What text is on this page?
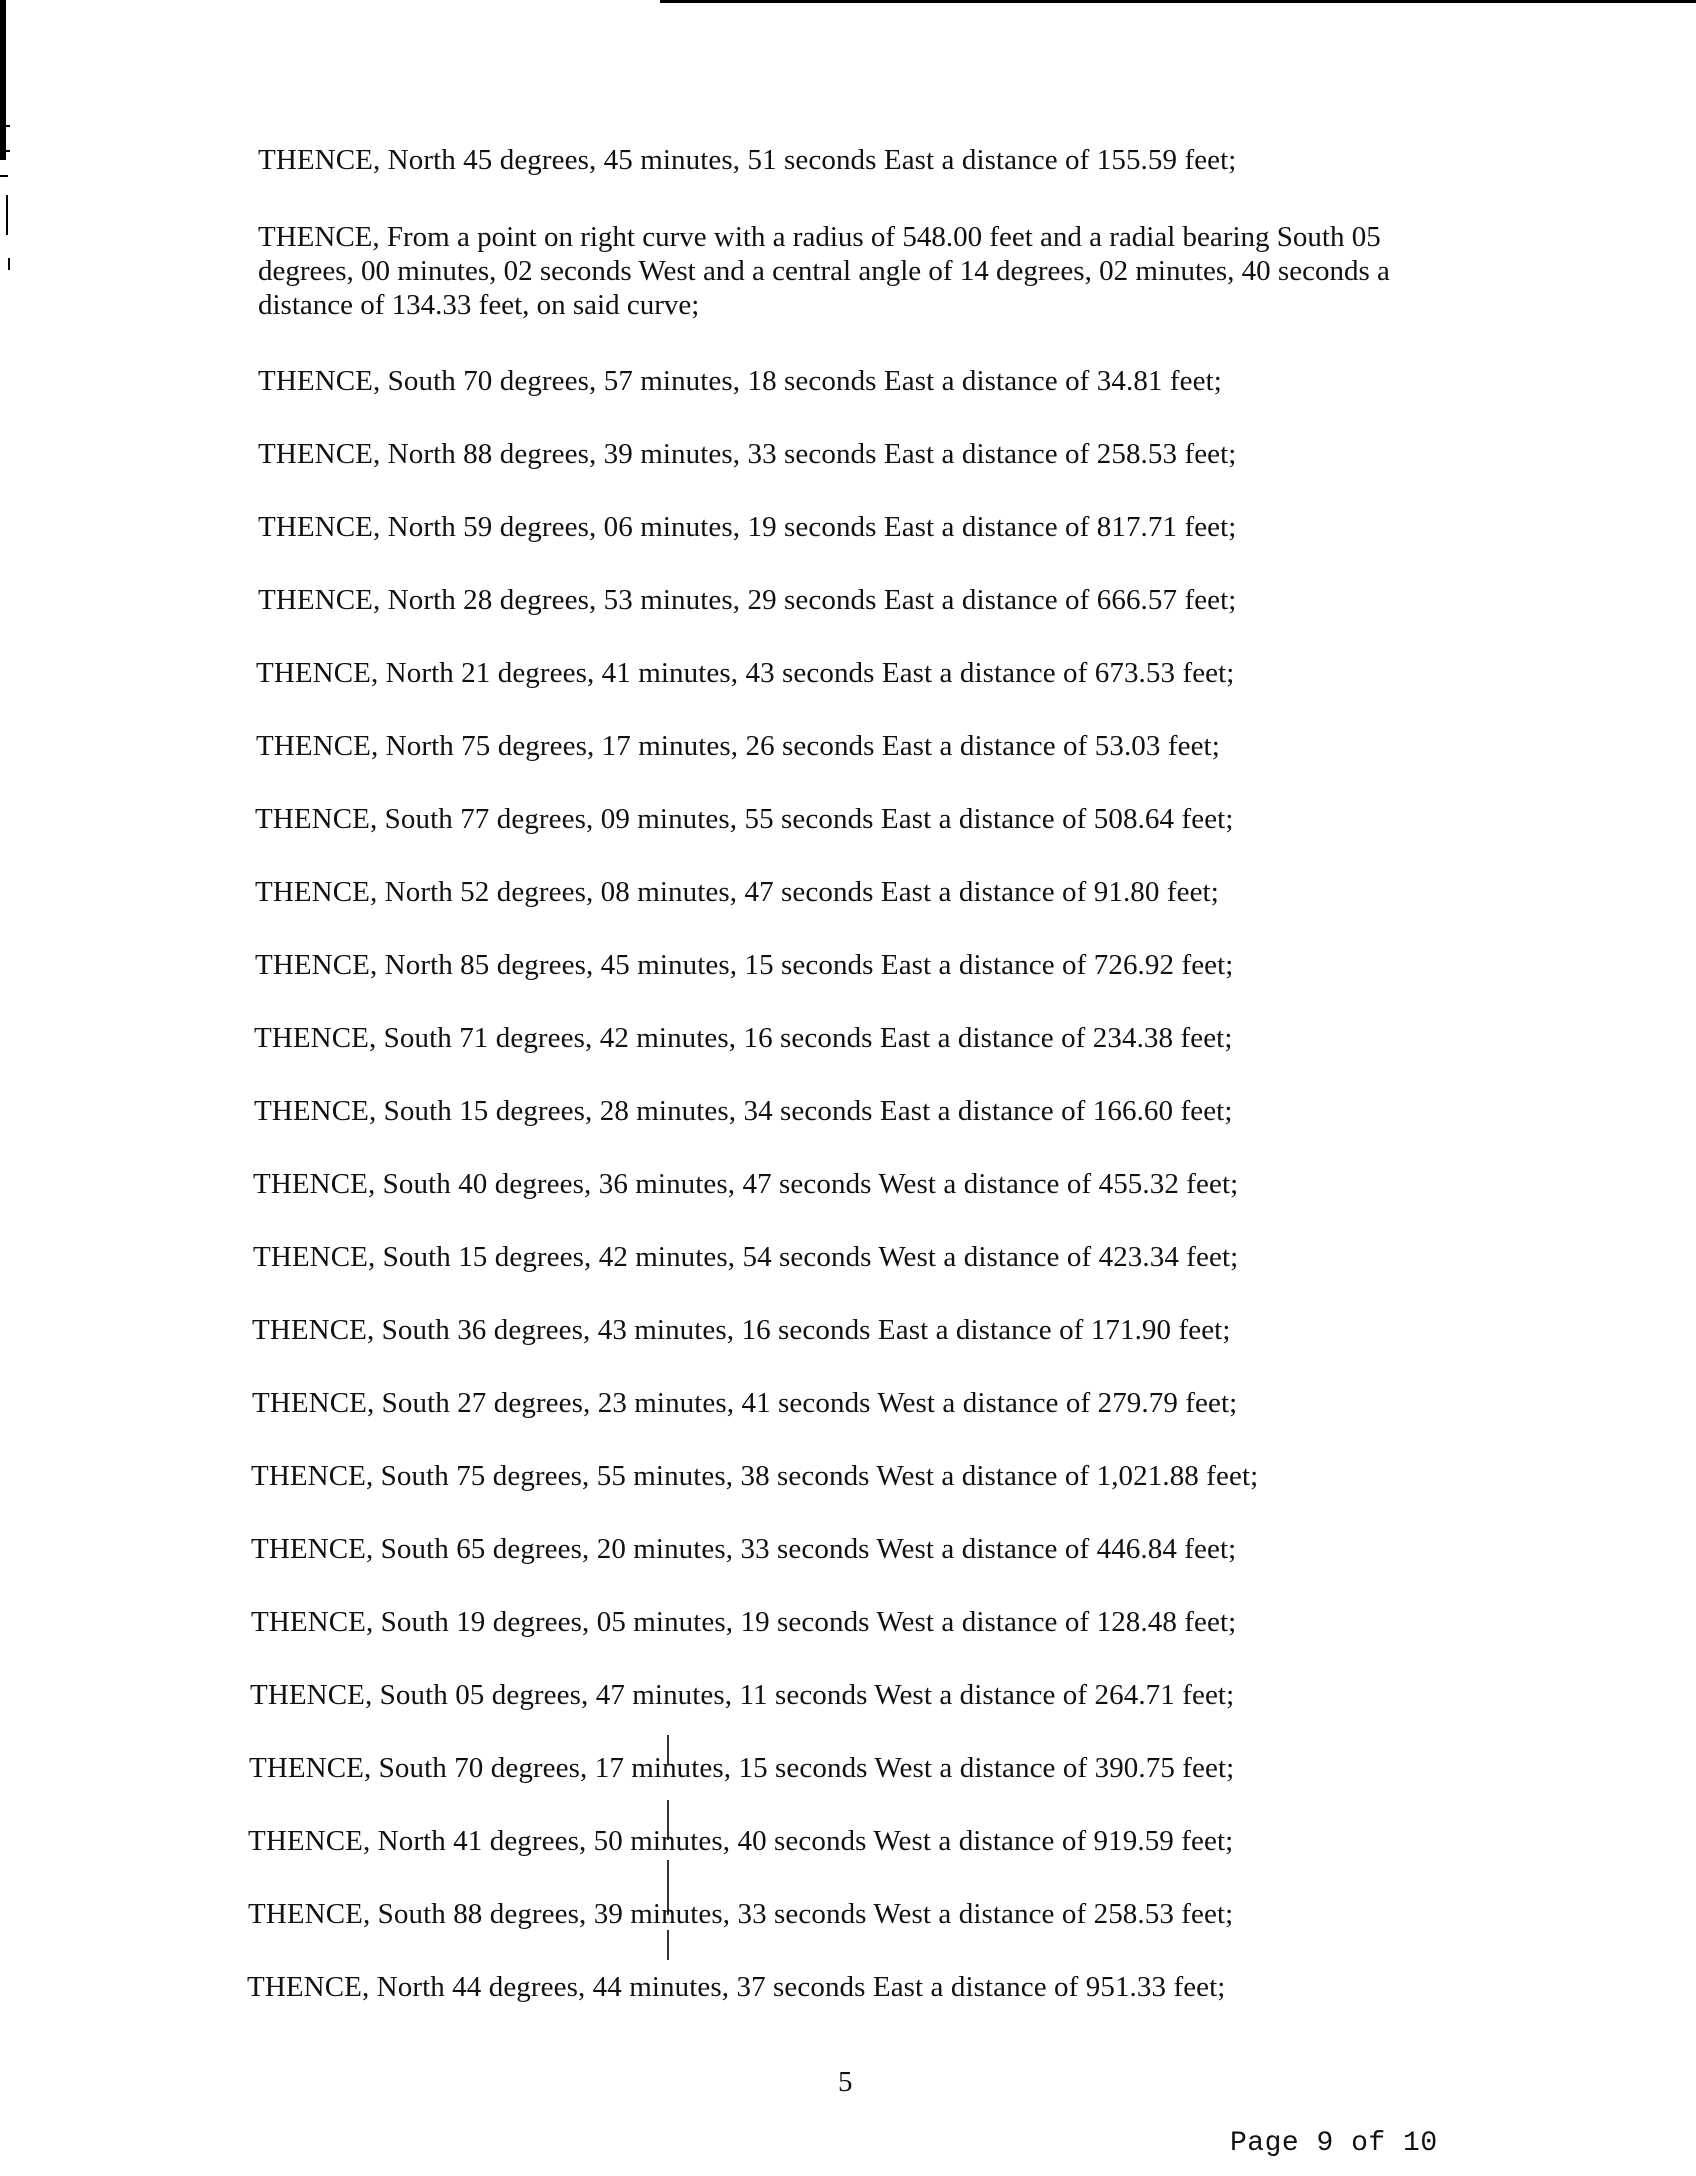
THENCE, North 45 degrees, 45 minutes, 51 seconds East a distance of 155.59 feet;
THENCE, From a point on right curve with a radius of 548.00 feet and a radial bearing South 05 degrees, 00 minutes, 02 seconds West and a central angle of 14 degrees, 02 minutes, 40 seconds a distance of 134.33 feet, on said curve;
THENCE, South 70 degrees, 57 minutes, 18 seconds East a distance of 34.81 feet;
THENCE, North 88 degrees, 39 minutes, 33 seconds East a distance of 258.53 feet;
THENCE, North 59 degrees, 06 minutes, 19 seconds East a distance of 817.71 feet;
THENCE, North 28 degrees, 53 minutes, 29 seconds East a distance of 666.57 feet;
THENCE, North 21 degrees, 41 minutes, 43 seconds East a distance of 673.53 feet;
THENCE, North 75 degrees, 17 minutes, 26 seconds East a distance of 53.03 feet;
THENCE, South 77 degrees, 09 minutes, 55 seconds East a distance of 508.64 feet;
THENCE, North 52 degrees, 08 minutes, 47 seconds East a distance of 91.80 feet;
THENCE, North 85 degrees, 45 minutes, 15 seconds East a distance of 726.92 feet;
THENCE, South 71 degrees, 42 minutes, 16 seconds East a distance of 234.38 feet;
THENCE, South 15 degrees, 28 minutes, 34 seconds East a distance of 166.60 feet;
THENCE, South 40 degrees, 36 minutes, 47 seconds West a distance of 455.32 feet;
THENCE, South 15 degrees, 42 minutes, 54 seconds West a distance of 423.34 feet;
THENCE, South 36 degrees, 43 minutes, 16 seconds East a distance of 171.90 feet;
THENCE, South 27 degrees, 23 minutes, 41 seconds West a distance of 279.79 feet;
THENCE, South 75 degrees, 55 minutes, 38 seconds West a distance of 1,021.88 feet;
THENCE, South 65 degrees, 20 minutes, 33 seconds West a distance of 446.84 feet;
THENCE, South 19 degrees, 05 minutes, 19 seconds West a distance of 128.48 feet;
THENCE, South 05 degrees, 47 minutes, 11 seconds West a distance of 264.71 feet;
THENCE, South 70 degrees, 17 minutes, 15 seconds West a distance of 390.75 feet;
THENCE, North 41 degrees, 50 minutes, 40 seconds West a distance of 919.59 feet;
THENCE, South 88 degrees, 39 minutes, 33 seconds West a distance of 258.53 feet;
THENCE, North 44 degrees, 44 minutes, 37 seconds East a distance of 951.33 feet;
5
Page 9 of 10
